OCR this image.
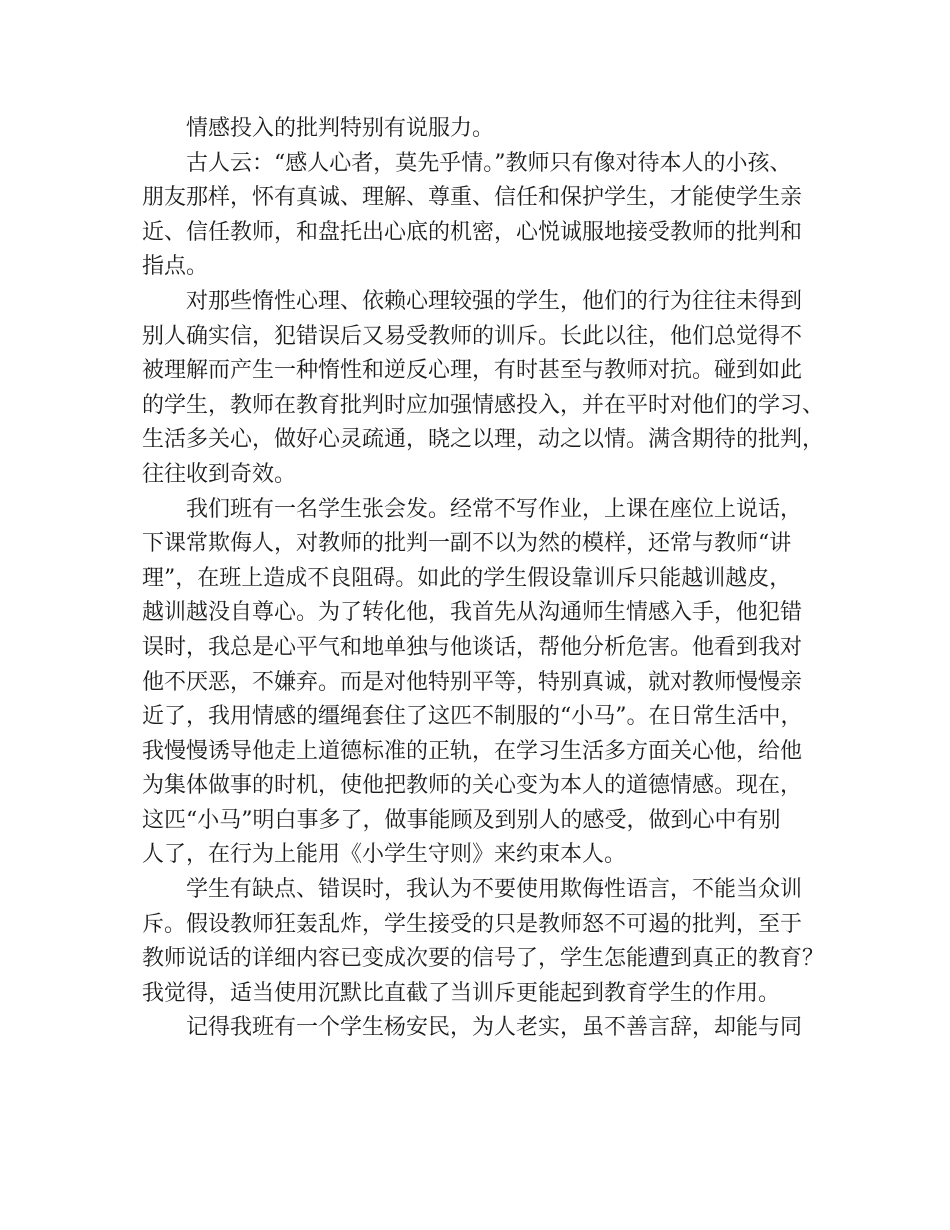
情感投入的批判特别有说服力。
古人云：“感人心者，莫先乎情。”教师只有像对待本人的小孩、
朋友那样，怀有真诚、理解、尊重、信任和保护学生，才能使学生亲
近、信任教师，和盘托出心底的机密，心悦诚服地接受教师的批判和
指点。
对那些惰性心理、依赖心理较强的学生，他们的行为往往未得到
别人确实信，犯错误后又易受教师的训斥。长此以往，他们总觉得不
被理解而产生一种惰性和逆反心理，有时甚至与教师对抗。碰到如此
的学生，教师在教育批判时应加强情感投入，并在平时对他们的学习、
生活多关心，做好心灵疏通，晓之以理，动之以情。满含期待的批判，
往往收到奇效。
我们班有一名学生张会发。经常不写作业，上课在座位上说话，
下课常欺侮人，对教师的批判一副不以为然的模样，还常与教师“讲
理”，在班上造成不良阻碍。如此的学生假设靠训斥只能越训越皮，
越训越没自尊心。为了转化他，我首先从沟通师生情感入手，他犯错
误时，我总是心平气和地单独与他谈话，帮他分析危害。他看到我对
他不厌恶，不嫌弃。而是对他特别平等，特别真诚，就对教师慢慢亲
近了，我用情感的缰绳套住了这匹不制服的“小马”。在日常生活中，
我慢慢诱导他走上道德标准的正轨，在学习生活多方面关心他，给他
为集体做事的时机，使他把教师的关心变为本人的道德情感。现在，
这匹“小马”明白事多了，做事能顾及到别人的感受，做到心中有别
人了，在行为上能用《小学生守则》来约束本人。
学生有缺点、错误时，我认为不要使用欺侮性语言，不能当众训
斥。假设教师狂轰乱炸，学生接受的只是教师怒不可遏的批判，至于
教师说话的详细内容已变成次要的信号了，学生怎能遭到真正的教育？
我觉得，适当使用沉默比直截了当训斥更能起到教育学生的作用。
记得我班有一个学生杨安民，为人老实，虽不善言辞，却能与同
